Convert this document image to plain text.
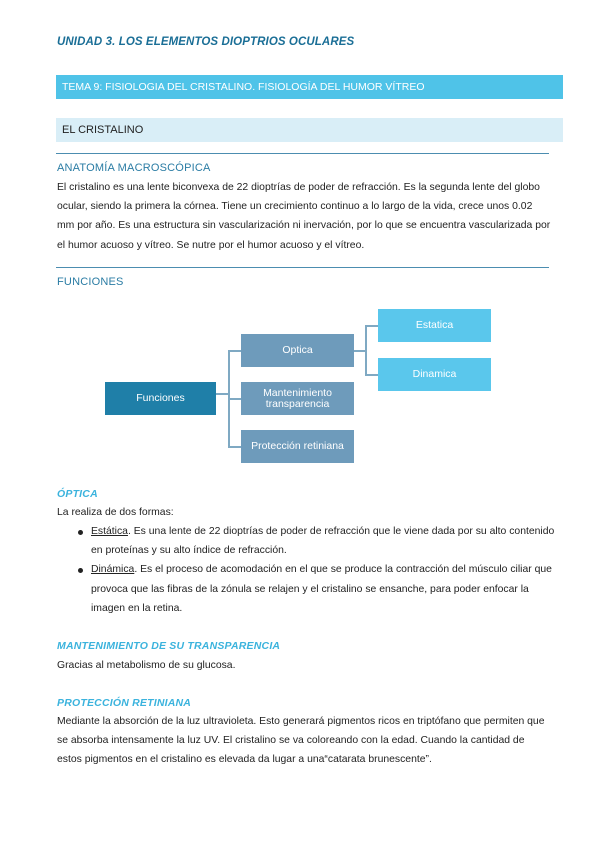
UNIDAD 3. LOS ELEMENTOS DIOPTRIOS OCULARES
TEMA 9: FISIOLOGIA DEL CRISTALINO. FISIOLOGÍA DEL HUMOR VÍTREO
EL CRISTALINO
ANATOMÍA MACROSCÓPICA
El cristalino es una lente biconvexa de 22 dioptrías de poder de refracción. Es la segunda lente del globo ocular, siendo la primera la córnea. Tiene un crecimiento continuo a lo largo de la vida, crece unos 0.02 mm por año. Es una estructura sin vascularización ni inervación, por lo que se encuentra vascularizada por el humor acuoso y vítreo. Se nutre por el humor acuoso y el vítreo.
FUNCIONES
Funciones
Optica
Mantenimiento transparencia
Protección retiniana
Estatica
Dinamica
ÓPTICA
La realiza de dos formas:
Estática. Es una lente de 22 dioptrías de poder de refracción que le viene dada por su alto contenido en proteínas y su alto índice de refracción.
Dinámica. Es el proceso de acomodación en el que se produce la contracción del músculo ciliar que provoca que las fibras de la zónula se relajen y el cristalino se ensanche, para poder enfocar la imagen en la retina.
MANTENIMIENTO DE SU TRANSPARENCIA
Gracias al metabolismo de su glucosa.
PROTECCIÓN RETINIANA
Mediante la absorción de la luz ultravioleta. Esto generará pigmentos ricos en triptófano que permiten que se absorba intensamente la luz UV. El cristalino se va coloreando con la edad. Cuando la cantidad de estos pigmentos en el cristalino es elevada da lugar a una“catarata brunescente”.
